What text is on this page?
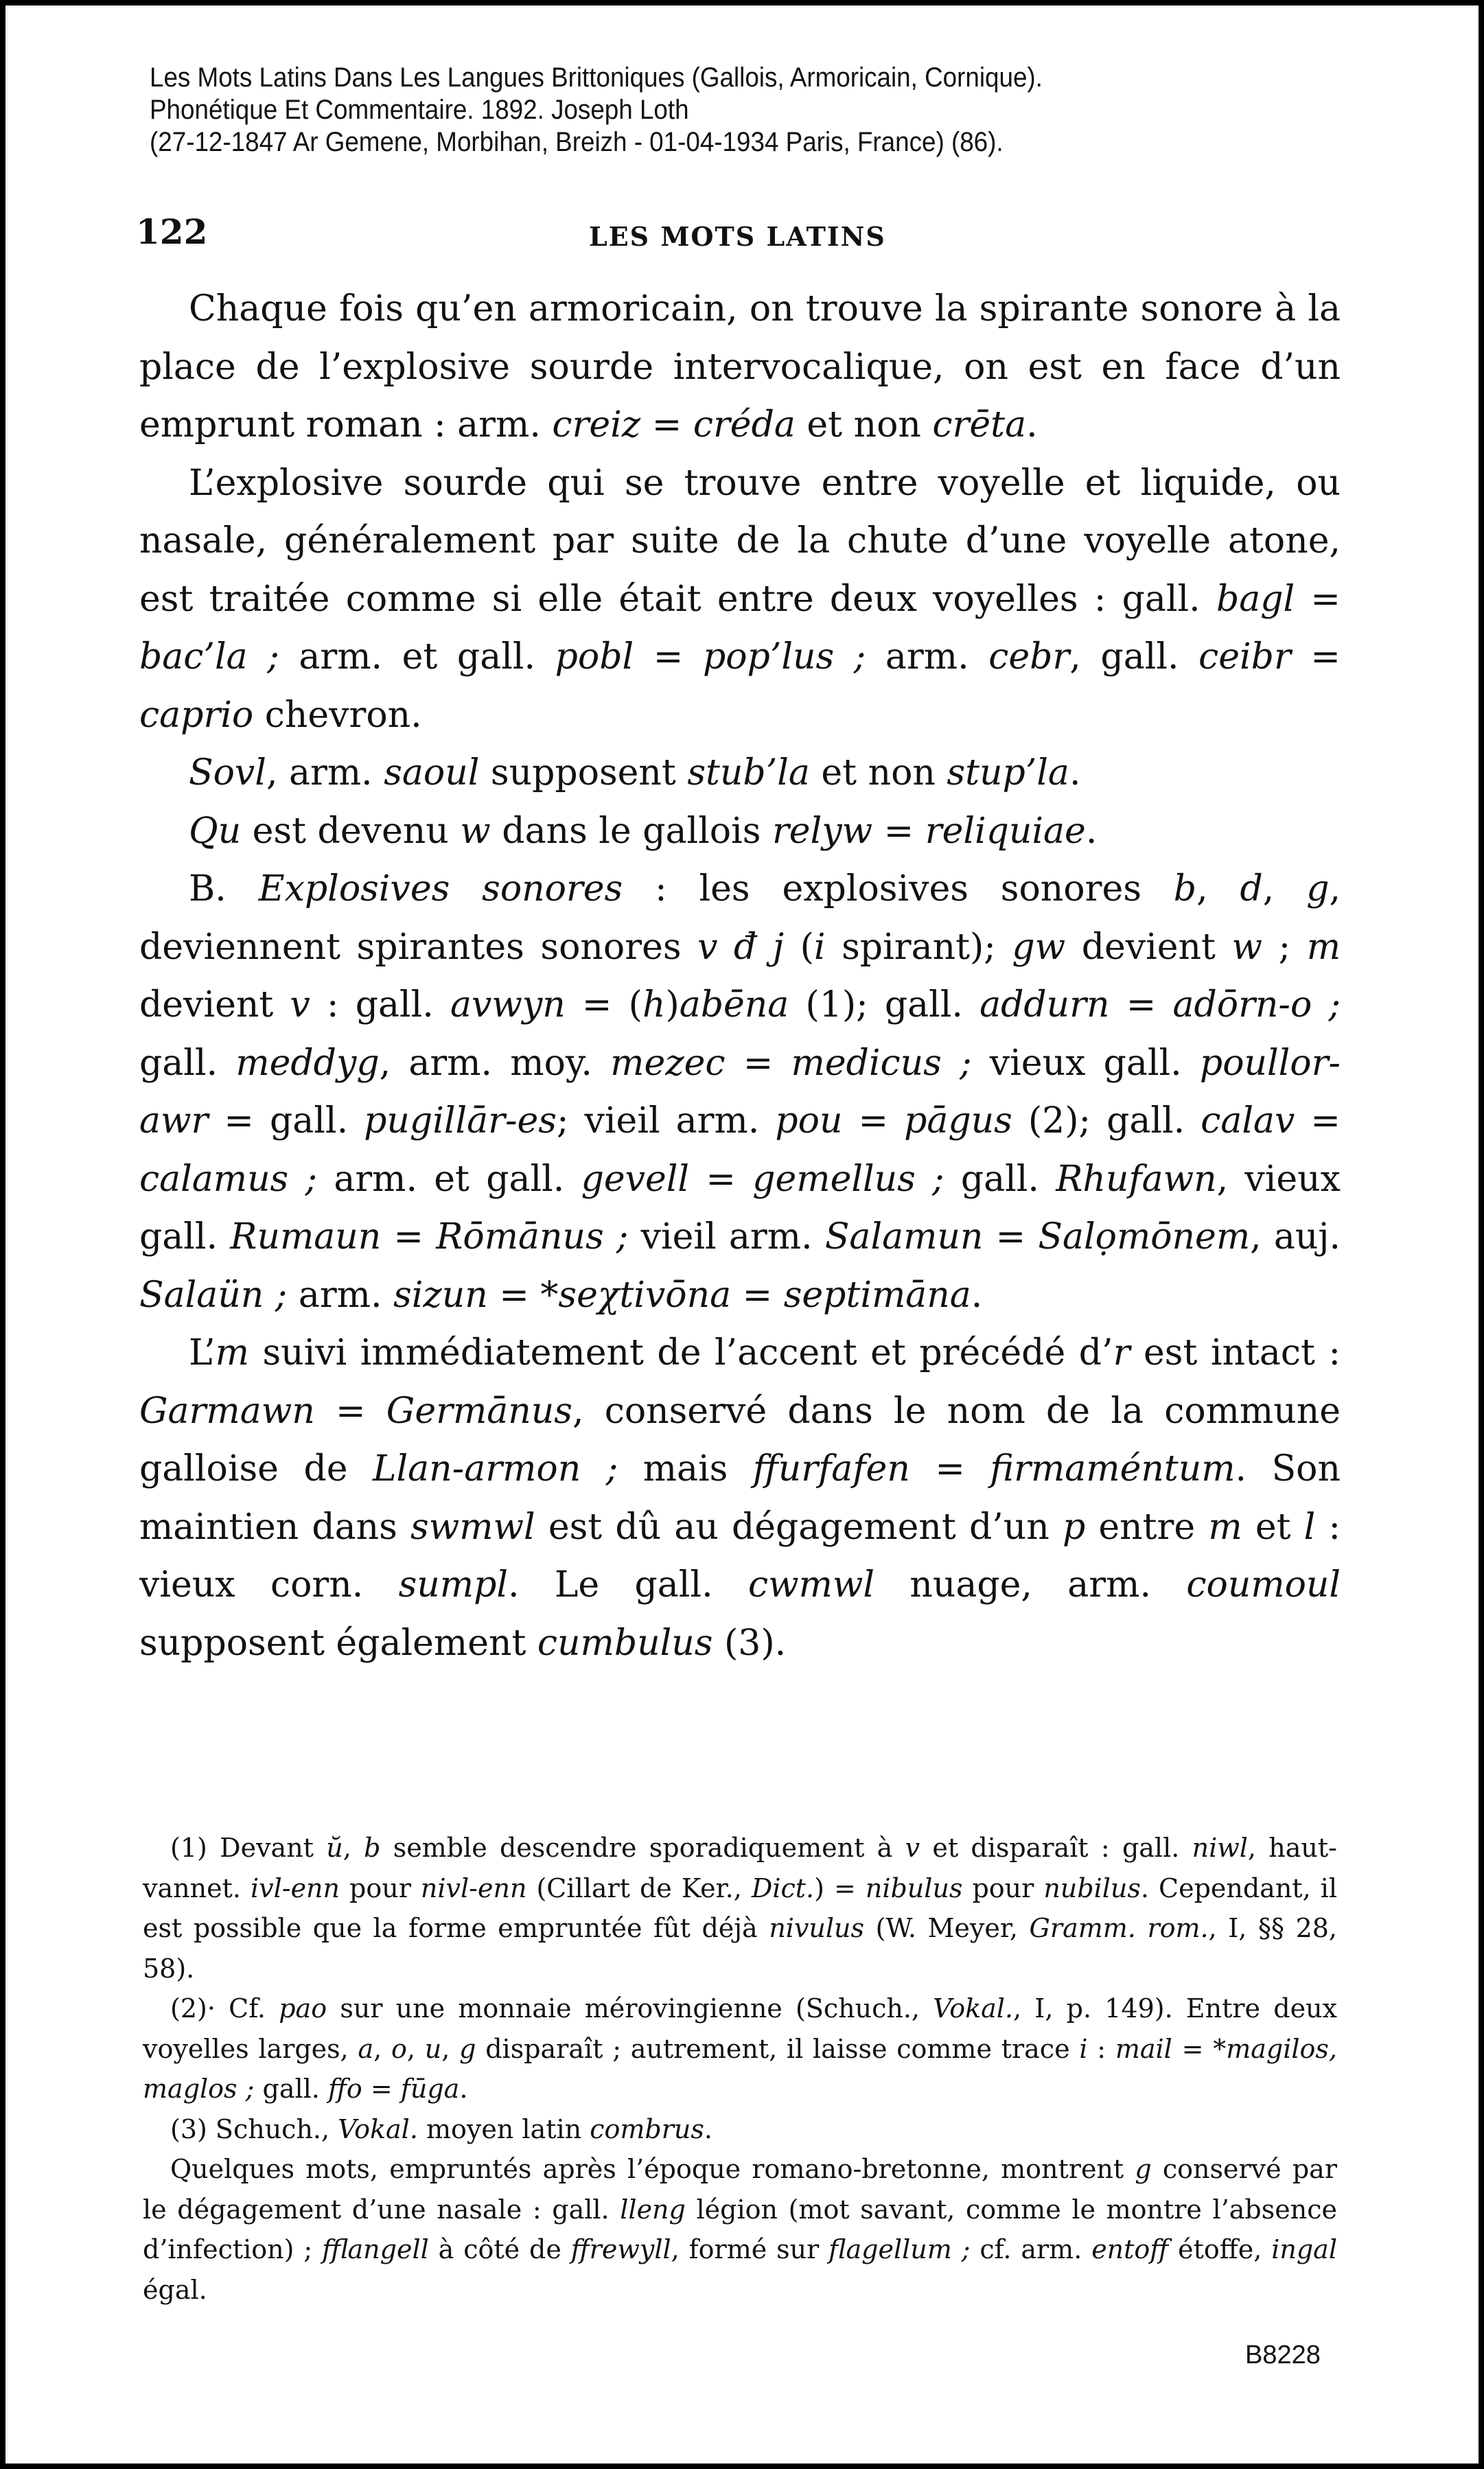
Les Mots Latins Dans Les Langues Brittoniques (Gallois, Armoricain, Cornique).
Phonétique Et Commentaire. 1892. Joseph Loth
(27-12-1847 Ar Gemene, Morbihan, Breizh - 01-04-1934 Paris, France) (86).
122	LES MOTS LATINS

Chaque fois qu’en armoricain, on trouve la spirante sonore à la place de l’explosive sourde intervocalique, on est en face d’un emprunt roman : arm. creiz = créda et non crēta.

L’explosive sourde qui se trouve entre voyelle et liquide, ou nasale, généralement par suite de la chute d’une voyelle atone, est traitée comme si elle était entre deux voyelles : gall. bagl = bac’la ; arm. et gall. pobl = pop’lus ; arm. cebr, gall. ceibr = caprio chevron.

Sovl, arm. saoul supposent stub’la et non stup’la.

Qu est devenu w dans le gallois relyw = reliquiae.

B. Explosives sonores : les explosives sonores b, d, g, deviennent spirantes sonores v đ j (i spirant); gw devient w ; m devient v : gall. avwyn = (h)abēna (1); gall. addurn = adōrn-o ; gall. meddyg, arm. moy. mezec = medicus ; vieux gall. poullor-awr = gall. pugillār-es; vieil arm. pou = pāgus (2); gall. calav = calamus ; arm. et gall. gevell = gemellus ; gall. Rhufawn, vieux gall. Rumaun = Rōmānus ; vieil arm. Salamun = Salọmōnem, auj. Salaün ; arm. sizun = *seχtivōna = septimāna.

L’m suivi immédiatement de l’accent et précédé d’r est intact : Garmawn = Germānus, conservé dans le nom de la commune galloise de Llan-armon ; mais ffurfafen = firmaméntum. Son maintien dans swmwl est dû au dégagement d’un p entre m et l : vieux corn. sumpl. Le gall. cwmwl nuage, arm. coumoul supposent également cumbulus (3).

(1) Devant ŭ, b semble descendre sporadiquement à v et disparaît : gall. niwl, haut-vannet. ivl-enn pour nivl-enn (Cillart de Ker., Dict.) = nibulus pour nubilus. Cependant, il est possible que la forme empruntée fût déjà nivulus (W. Meyer, Gramm. rom., I, §§ 28, 58).

(2)· Cf. pao sur une monnaie mérovingienne (Schuch., Vokal., I, p. 149). Entre deux voyelles larges, a, o, u, g disparaît ; autrement, il laisse comme trace i : mail = *magilos, maglos ; gall. ffo = fūga.

(3) Schuch., Vokal. moyen latin combrus.

Quelques mots, empruntés après l’époque romano-bretonne, montrent g conservé par le dégagement d’une nasale : gall. lleng légion (mot savant, comme le montre l’absence d’infection) ; fflangell à côté de ffrewyll, formé sur flagellum ; cf. arm. entoff étoffe, ingal égal.

B8228
